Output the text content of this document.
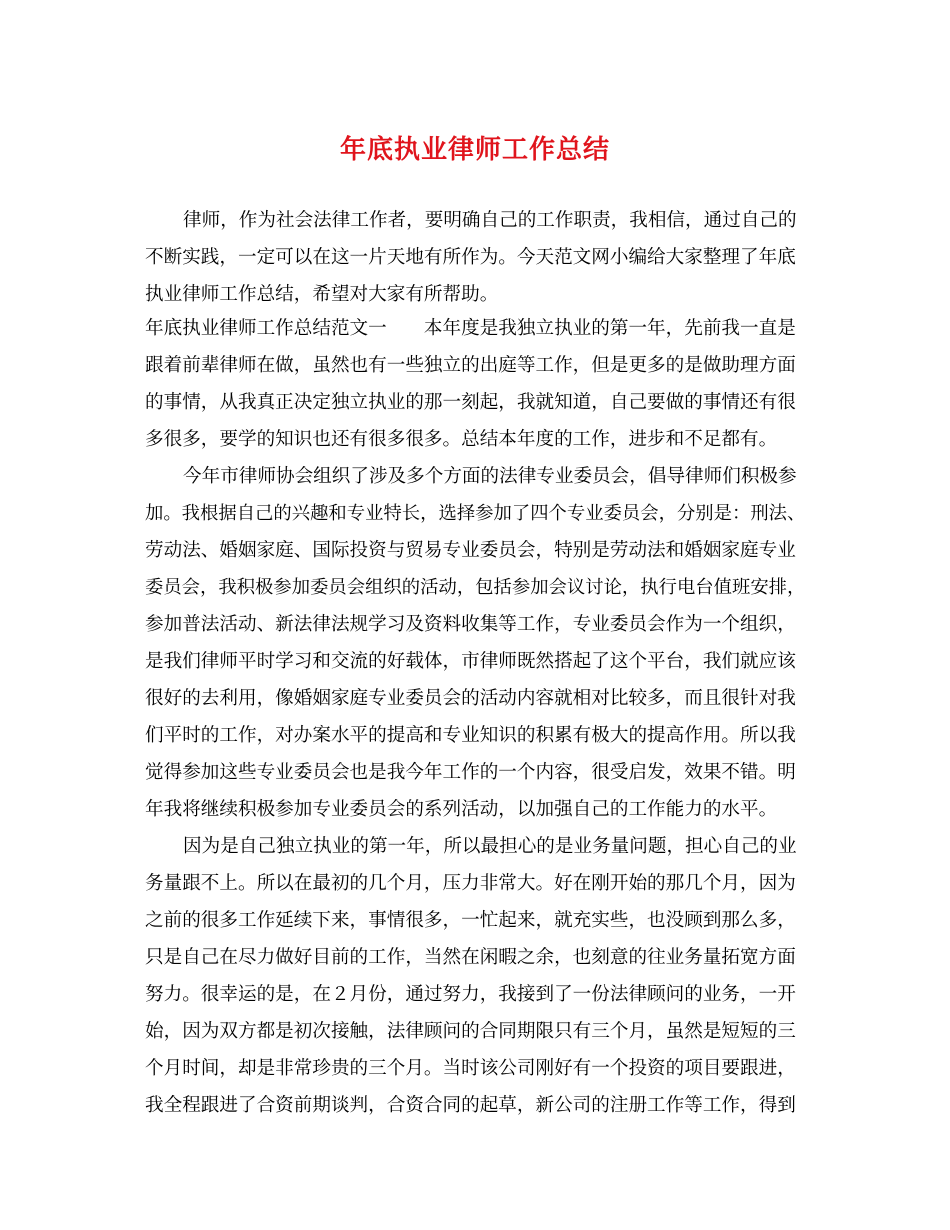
年底执业律师工作总结
律师，作为社会法律工作者，要明确自己的工作职责，我相信，通过自己的
不断实践，一定可以在这一片天地有所作为。今天范文网小编给大家整理了年底
执业律师工作总结，希望对大家有所帮助。
年底执业律师工作总结范文一　　本年度是我独立执业的第一年，先前我一直是
跟着前辈律师在做，虽然也有一些独立的出庭等工作，但是更多的是做助理方面
的事情，从我真正决定独立执业的那一刻起，我就知道，自己要做的事情还有很
多很多，要学的知识也还有很多很多。总结本年度的工作，进步和不足都有。
今年市律师协会组织了涉及多个方面的法律专业委员会，倡导律师们积极参
加。我根据自己的兴趣和专业特长，选择参加了四个专业委员会，分别是：刑法、
劳动法、婚姻家庭、国际投资与贸易专业委员会，特别是劳动法和婚姻家庭专业
委员会，我积极参加委员会组织的活动，包括参加会议讨论，执行电台值班安排，
参加普法活动、新法律法规学习及资料收集等工作，专业委员会作为一个组织，
是我们律师平时学习和交流的好载体，市律师既然搭起了这个平台，我们就应该
很好的去利用，像婚姻家庭专业委员会的活动内容就相对比较多，而且很针对我
们平时的工作，对办案水平的提高和专业知识的积累有极大的提高作用。所以我
觉得参加这些专业委员会也是我今年工作的一个内容，很受启发，效果不错。明
年我将继续积极参加专业委员会的系列活动，以加强自己的工作能力的水平。
因为是自己独立执业的第一年，所以最担心的是业务量问题，担心自己的业
务量跟不上。所以在最初的几个月，压力非常大。好在刚开始的那几个月，因为
之前的很多工作延续下来，事情很多，一忙起来，就充实些，也没顾到那么多，
只是自己在尽力做好目前的工作，当然在闲暇之余，也刻意的往业务量拓宽方面
努力。很幸运的是，在２月份，通过努力，我接到了一份法律顾问的业务，一开
始，因为双方都是初次接触，法律顾问的合同期限只有三个月，虽然是短短的三
个月时间，却是非常珍贵的三个月。当时该公司刚好有一个投资的项目要跟进，
我全程跟进了合资前期谈判，合资合同的起草，新公司的注册工作等工作，得到
